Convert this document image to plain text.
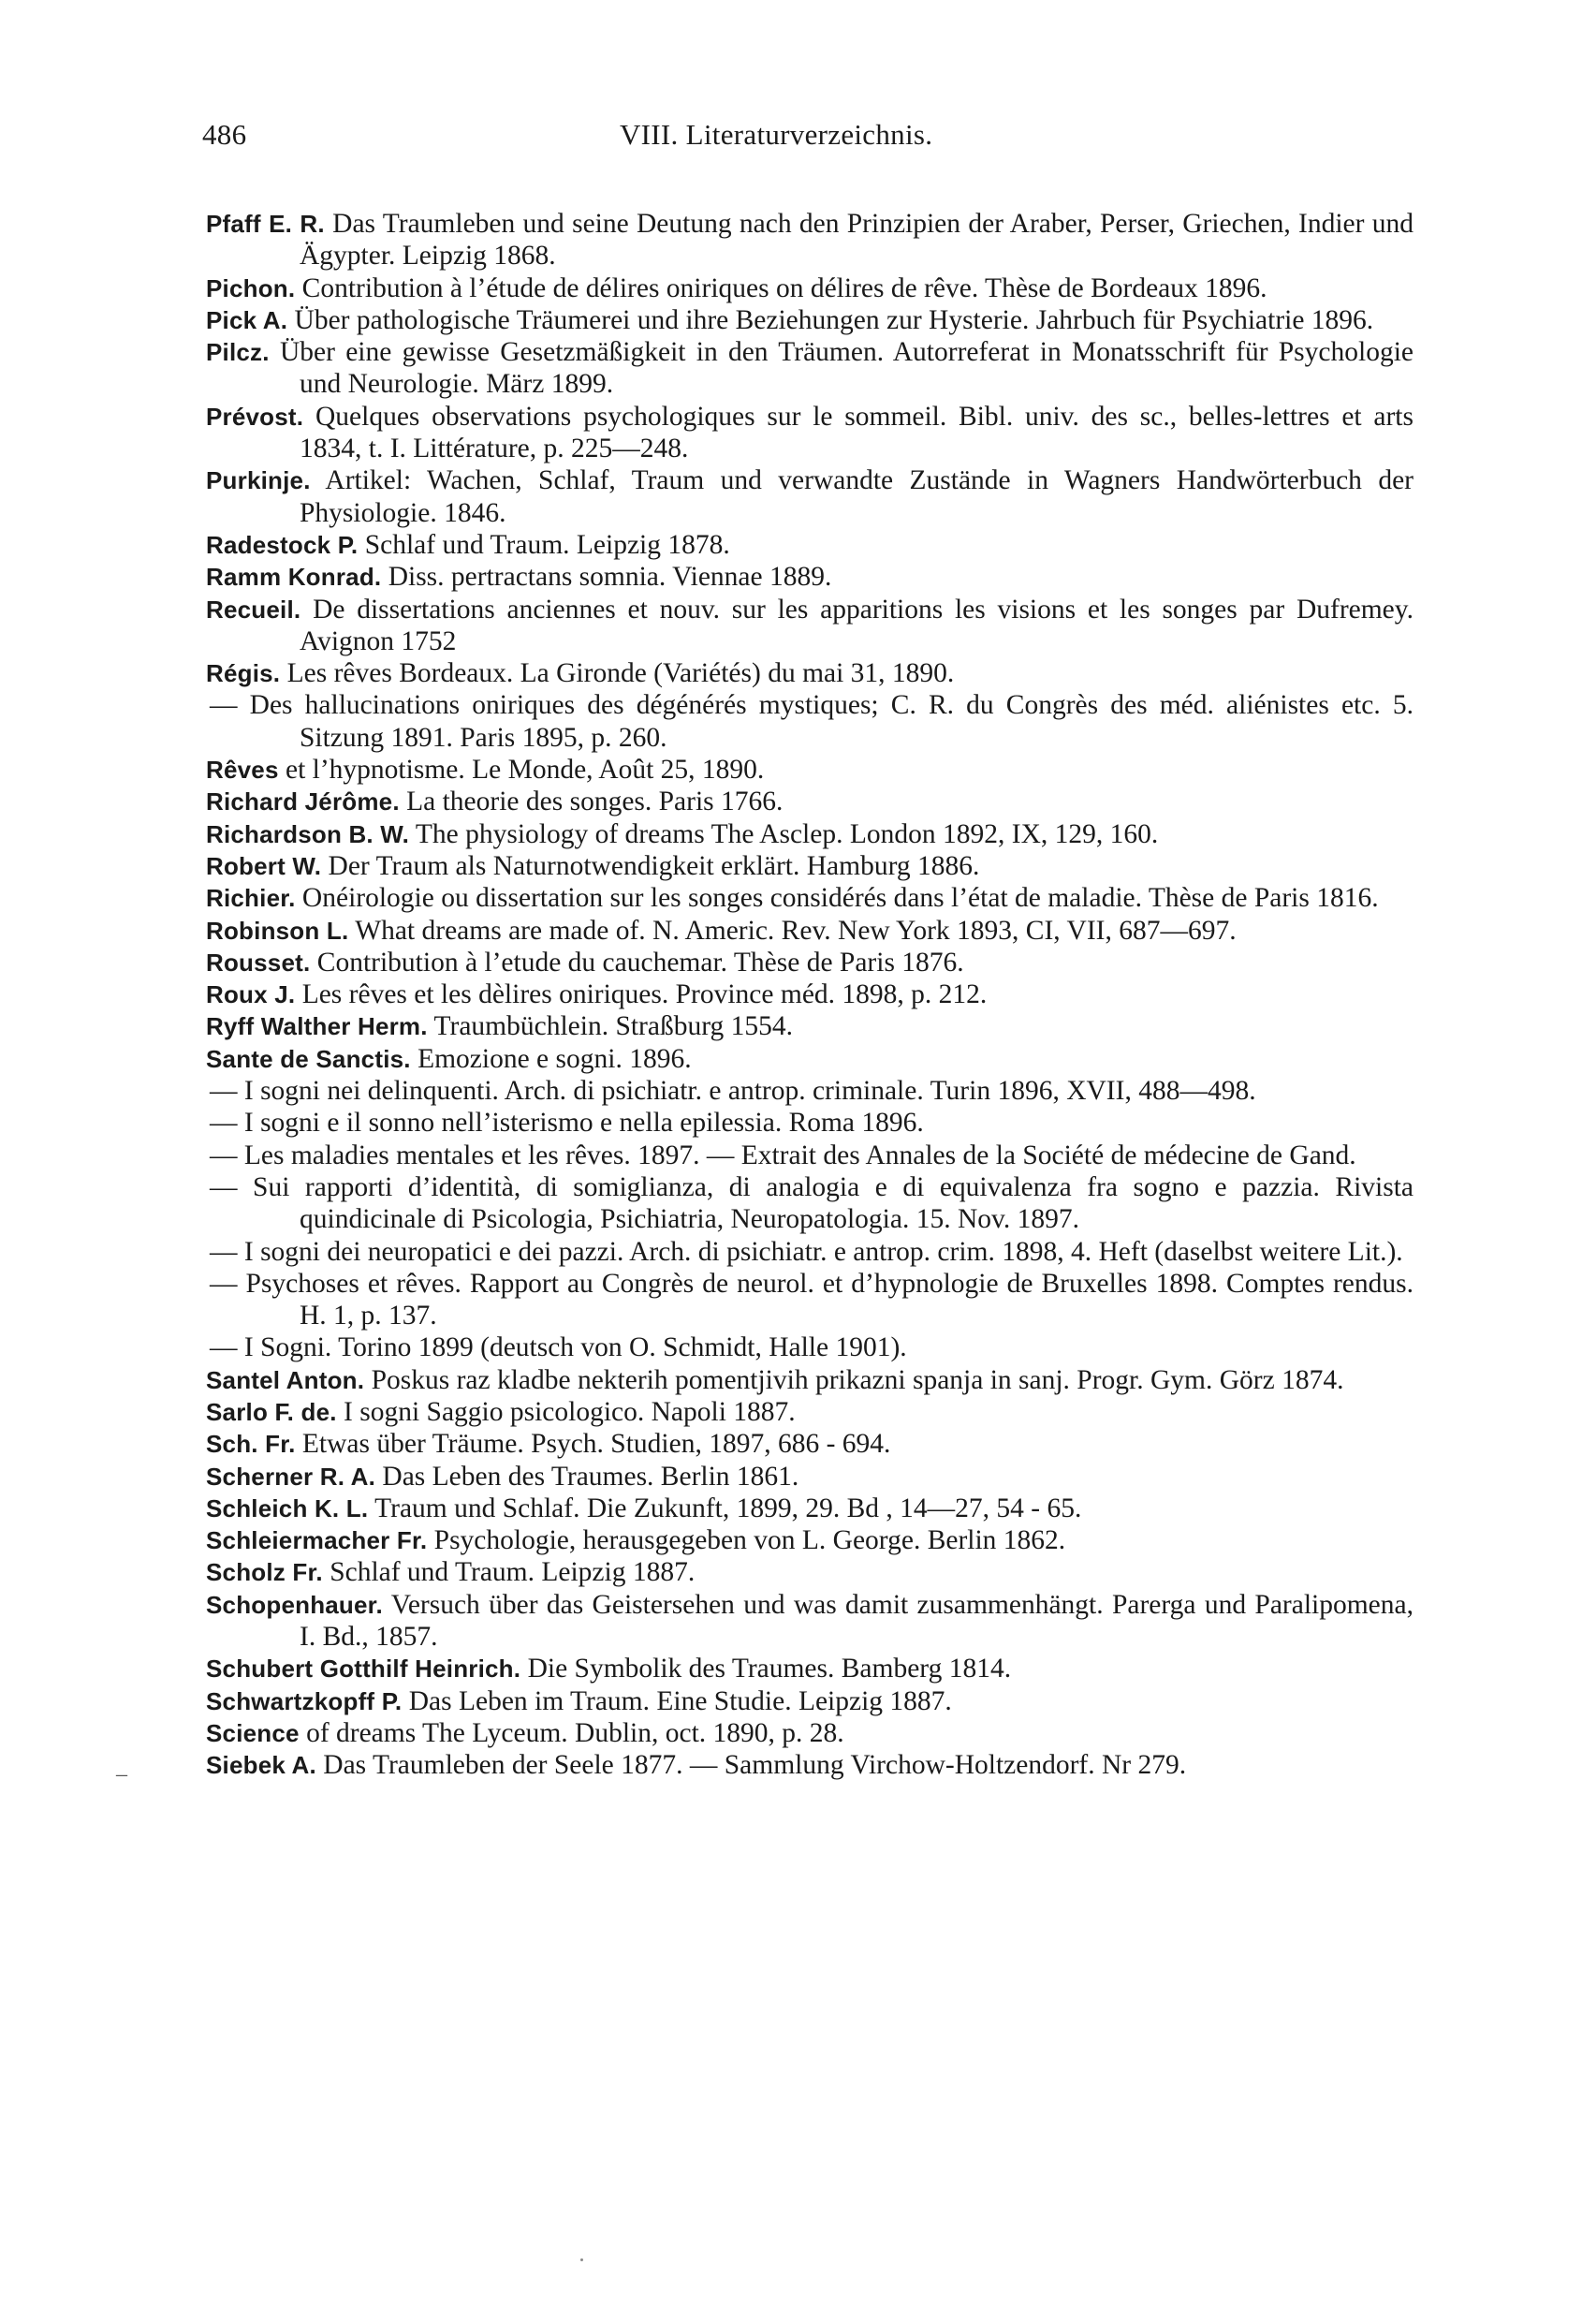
486	VIII. Literaturverzeichnis.

Pfaff E. R. Das Traumleben und seine Deutung nach den Prinzipien der Araber, Perser, Griechen, Indier und Ägypter. Leipzig 1868.

Pichon. Contribution à l’étude de délires oniriques on délires de rêve. Thèse de Bordeaux 1896.

Pick A. Über pathologische Träumerei und ihre Beziehungen zur Hysterie. Jahrbuch für Psychiatrie 1896.

Pilcz. Über eine gewisse Gesetzmäßigkeit in den Träumen. Autorreferat in Monatsschrift für Psychologie und Neurologie. März 1899.

Prévost. Quelques observations psychologiques sur le sommeil. Bibl. univ. des sc., belles-lettres et arts 1834, t. I. Littérature, p. 225—248.

Purkinje. Artikel: Wachen, Schlaf, Traum und verwandte Zustände in Wagners Handwörterbuch der Physiologie. 1846.

Radestock P. Schlaf und Traum. Leipzig 1878.

Ramm Konrad. Diss. pertractans somnia. Viennae 1889.

Recueil. De dissertations anciennes et nouv. sur les apparitions les visions et les songes par Dufremey. Avignon 1752

Régis. Les rêves Bordeaux. La Gironde (Variétés) du mai 31, 1890.

— Des hallucinations oniriques des dégénérés mystiques; C. R. du Congrès des méd. aliénistes etc. 5. Sitzung 1891. Paris 1895, p. 260.

Rêves et l’hypnotisme. Le Monde, Août 25, 1890.

Richard Jérôme. La theorie des songes. Paris 1766.

Richardson B. W. The physiology of dreams The Asclep. London 1892, IX, 129, 160.

Robert W. Der Traum als Naturnotwendigkeit erklärt. Hamburg 1886.

Richier. Onéirologie ou dissertation sur les songes considérés dans l’état de maladie. Thèse de Paris 1816.

Robinson L. What dreams are made of. N. Americ. Rev. New York 1893, CI, VII, 687—697.

Rousset. Contribution à l’etude du cauchemar. Thèse de Paris 1876.

Roux J. Les rêves et les dèlires oniriques. Province méd. 1898, p. 212.

Ryff Walther Herm. Traumbüchlein. Straßburg 1554.

Sante de Sanctis. Emozione e sogni. 1896.

— I sogni nei delinquenti. Arch. di psichiatr. e antrop. criminale. Turin 1896, XVII, 488—498.

— I sogni e il sonno nell’isterismo e nella epilessia. Roma 1896.

— Les maladies mentales et les rêves. 1897. — Extrait des Annales de la Société de médecine de Gand.

— Sui rapporti d’identità, di somiglianza, di analogia e di equivalenza fra sogno e pazzia. Rivista quindicinale di Psicologia, Psichiatria, Neuropatologia. 15. Nov. 1897.

— I sogni dei neuropatici e dei pazzi. Arch. di psichiatr. e antrop. crim. 1898, 4. Heft (daselbst weitere Lit.).

— Psychoses et rêves. Rapport au Congrès de neurol. et d’hypnologie de Bruxelles 1898. Comptes rendus. H. 1, p. 137.

— I Sogni. Torino 1899 (deutsch von O. Schmidt, Halle 1901).

Santel Anton. Poskus raz kladbe nekterih pomentjivih prikazni spanja in sanj. Progr. Gym. Görz 1874.

Sarlo F. de. I sogni Saggio psicologico. Napoli 1887.

Sch. Fr. Etwas über Träume. Psych. Studien, 1897, 686 - 694.

Scherner R. A. Das Leben des Traumes. Berlin 1861.

Schleich K. L. Traum und Schlaf. Die Zukunft, 1899, 29. Bd , 14—27, 54 - 65.

Schleiermacher Fr. Psychologie, herausgegeben von L. George. Berlin 1862.

Scholz Fr. Schlaf und Traum. Leipzig 1887.

Schopenhauer. Versuch über das Geistersehen und was damit zusammenhängt. Parerga und Paralipomena, I. Bd., 1857.

Schubert Gotthilf Heinrich. Die Symbolik des Traumes. Bamberg 1814.

Schwartzkopff P. Das Leben im Traum. Eine Studie. Leipzig 1887.

Science of dreams The Lyceum. Dublin, oct. 1890, p. 28.

Siebek A. Das Traumleben der Seele 1877. — Sammlung Virchow-Holtzendorf. Nr 279.

–
